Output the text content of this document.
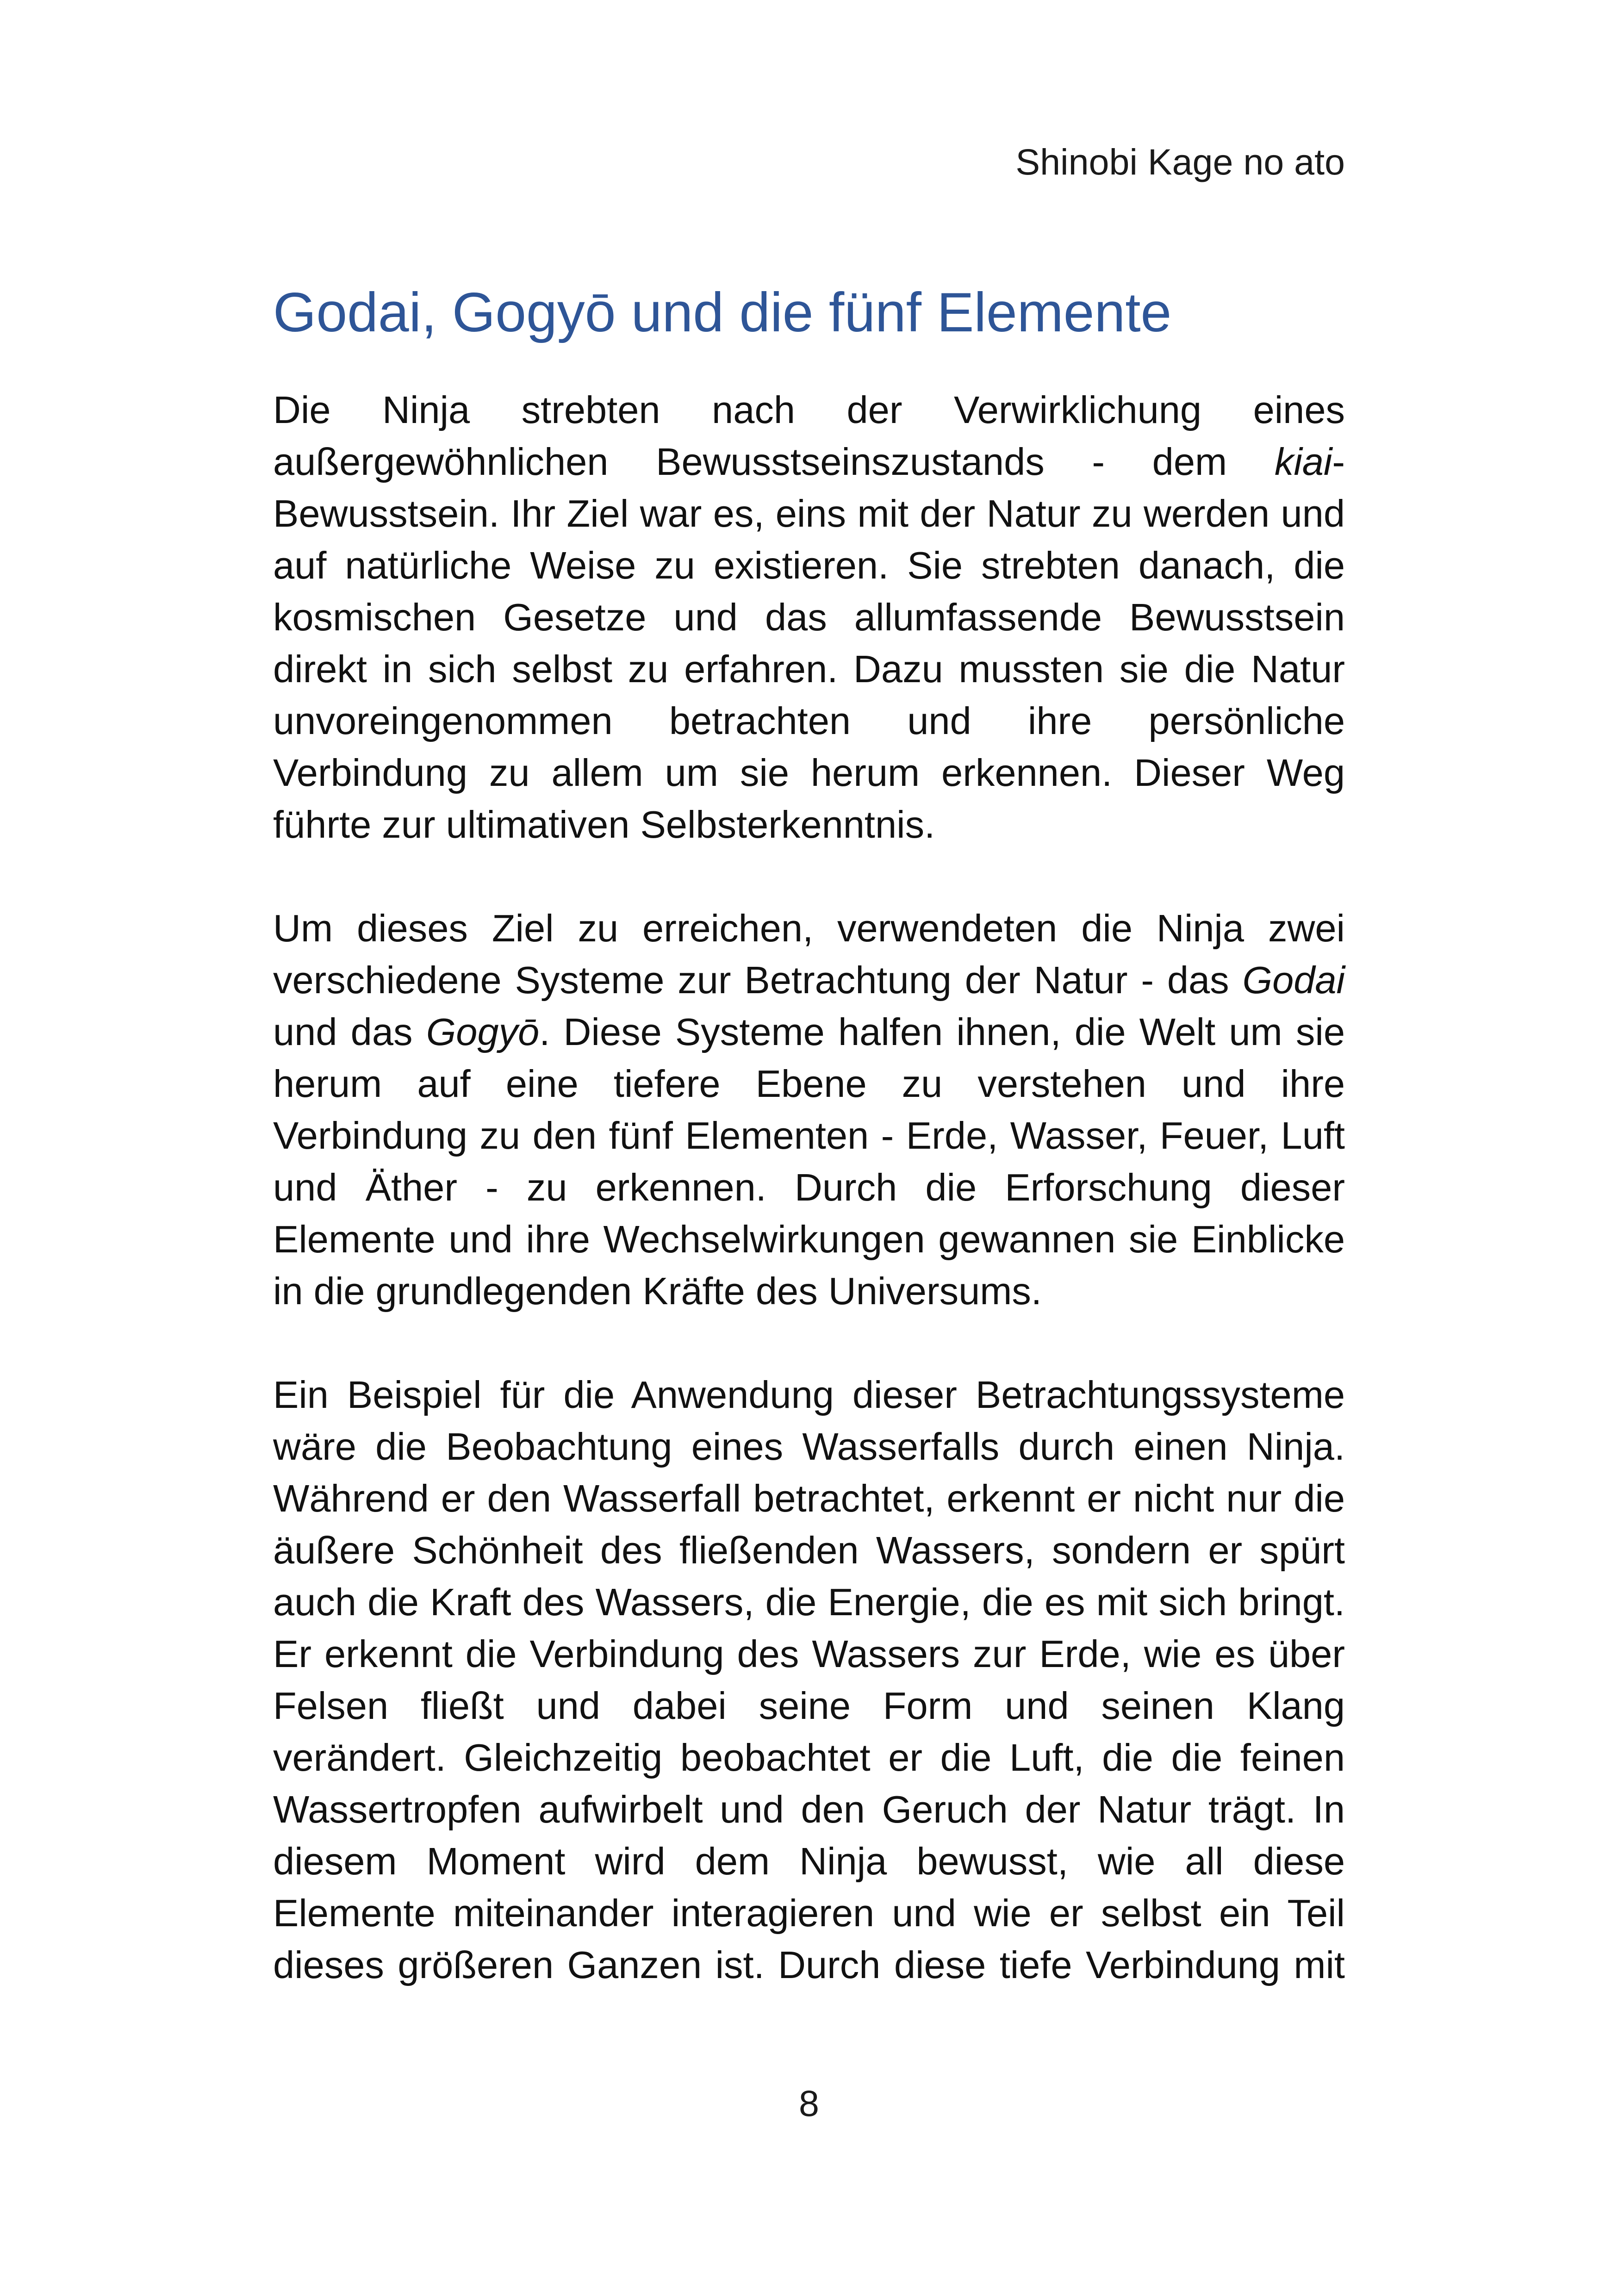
Shinobi Kage no ato
Godai, Gogyō und die fünf Elemente

Die Ninja strebten nach der Verwirklichung eines außergewöhnlichen Bewusstseinszustands - dem kiai-Bewusstsein. Ihr Ziel war es, eins mit der Natur zu werden und auf natürliche Weise zu existieren. Sie strebten danach, die kosmischen Gesetze und das allumfassende Bewusstsein direkt in sich selbst zu erfahren. Dazu mussten sie die Natur unvoreingenommen betrachten und ihre persönliche Verbindung zu allem um sie herum erkennen. Dieser Weg führte zur ultimativen Selbsterkenntnis.

Um dieses Ziel zu erreichen, verwendeten die Ninja zwei verschiedene Systeme zur Betrachtung der Natur - das Godai und das Gogyō. Diese Systeme halfen ihnen, die Welt um sie herum auf eine tiefere Ebene zu verstehen und ihre Verbindung zu den fünf Elementen - Erde, Wasser, Feuer, Luft und Äther - zu erkennen. Durch die Erforschung dieser Elemente und ihre Wechselwirkungen gewannen sie Einblicke in die grundlegenden Kräfte des Universums.

Ein Beispiel für die Anwendung dieser Betrachtungssysteme wäre die Beobachtung eines Wasserfalls durch einen Ninja. Während er den Wasserfall betrachtet, erkennt er nicht nur die äußere Schönheit des fließenden Wassers, sondern er spürt auch die Kraft des Wassers, die Energie, die es mit sich bringt. Er erkennt die Verbindung des Wassers zur Erde, wie es über Felsen fließt und dabei seine Form und seinen Klang verändert. Gleichzeitig beobachtet er die Luft, die die feinen Wassertropfen aufwirbelt und den Geruch der Natur trägt. In diesem Moment wird dem Ninja bewusst, wie all diese Elemente miteinander interagieren und wie er selbst ein Teil dieses größeren Ganzen ist. Durch diese tiefe Verbindung mit

8
